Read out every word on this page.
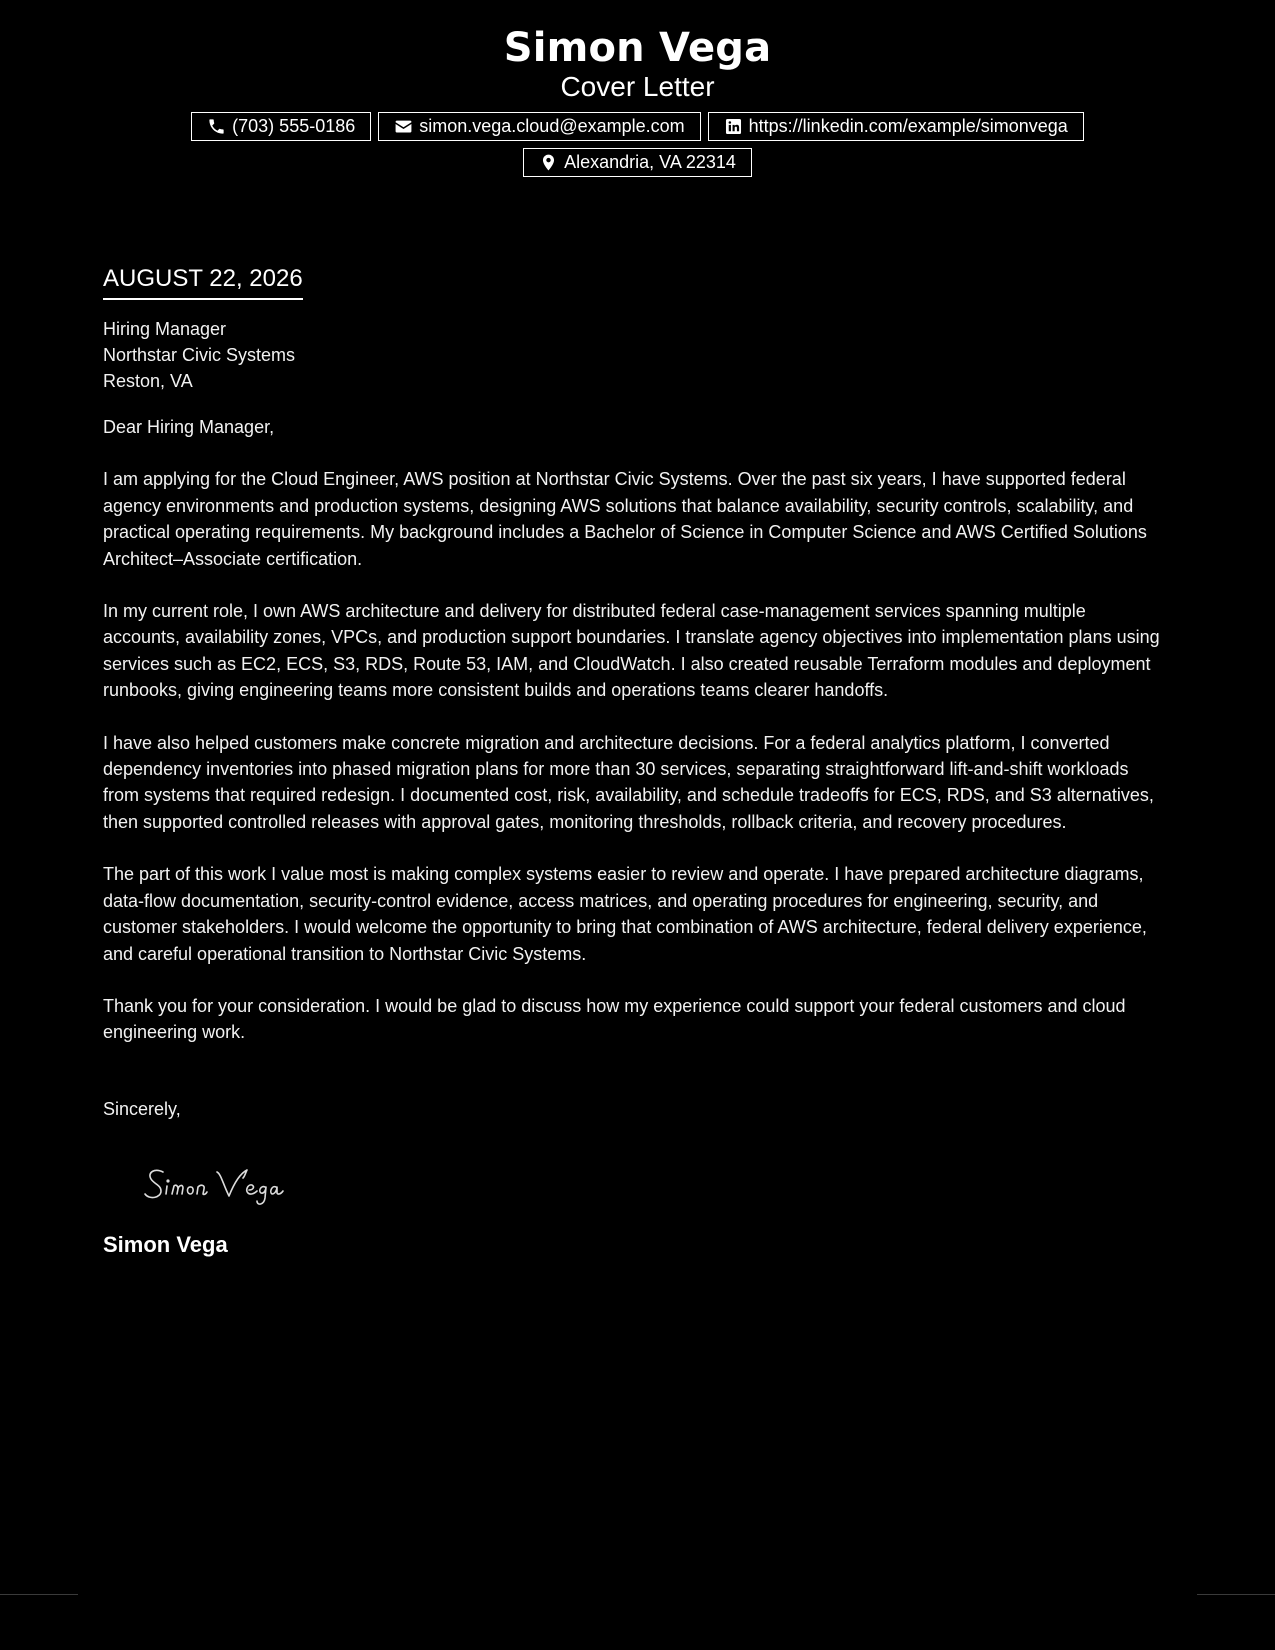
Simon Vega
Cover Letter
(703) 555-0186	simon.vega.cloud@example.com	https://linkedin.com/example/simonvega
Alexandria, VA 22314
AUGUST 22, 2026
Hiring Manager
Northstar Civic Systems
Reston, VA
Dear Hiring Manager,

I am applying for the Cloud Engineer, AWS position at Northstar Civic Systems. Over the past six years, I have supported federal agency environments and production systems, designing AWS solutions that balance availability, security controls, scalability, and practical operating requirements. My background includes a Bachelor of Science in Computer Science and AWS Certified Solutions Architect–Associate certification.

In my current role, I own AWS architecture and delivery for distributed federal case-management services spanning multiple accounts, availability zones, VPCs, and production support boundaries. I translate agency objectives into implementation plans using services such as EC2, ECS, S3, RDS, Route 53, IAM, and CloudWatch. I also created reusable Terraform modules and deployment runbooks, giving engineering teams more consistent builds and operations teams clearer handoffs.

I have also helped customers make concrete migration and architecture decisions. For a federal analytics platform, I converted dependency inventories into phased migration plans for more than 30 services, separating straightforward lift-and-shift workloads from systems that required redesign. I documented cost, risk, availability, and schedule tradeoffs for ECS, RDS, and S3 alternatives, then supported controlled releases with approval gates, monitoring thresholds, rollback criteria, and recovery procedures.

The part of this work I value most is making complex systems easier to review and operate. I have prepared architecture diagrams, data-flow documentation, security-control evidence, access matrices, and operating procedures for engineering, security, and customer stakeholders. I would welcome the opportunity to bring that combination of AWS architecture, federal delivery experience, and careful operational transition to Northstar Civic Systems.

Thank you for your consideration. I would be glad to discuss how my experience could support your federal customers and cloud engineering work.

Sincerely,
Simon Vega
